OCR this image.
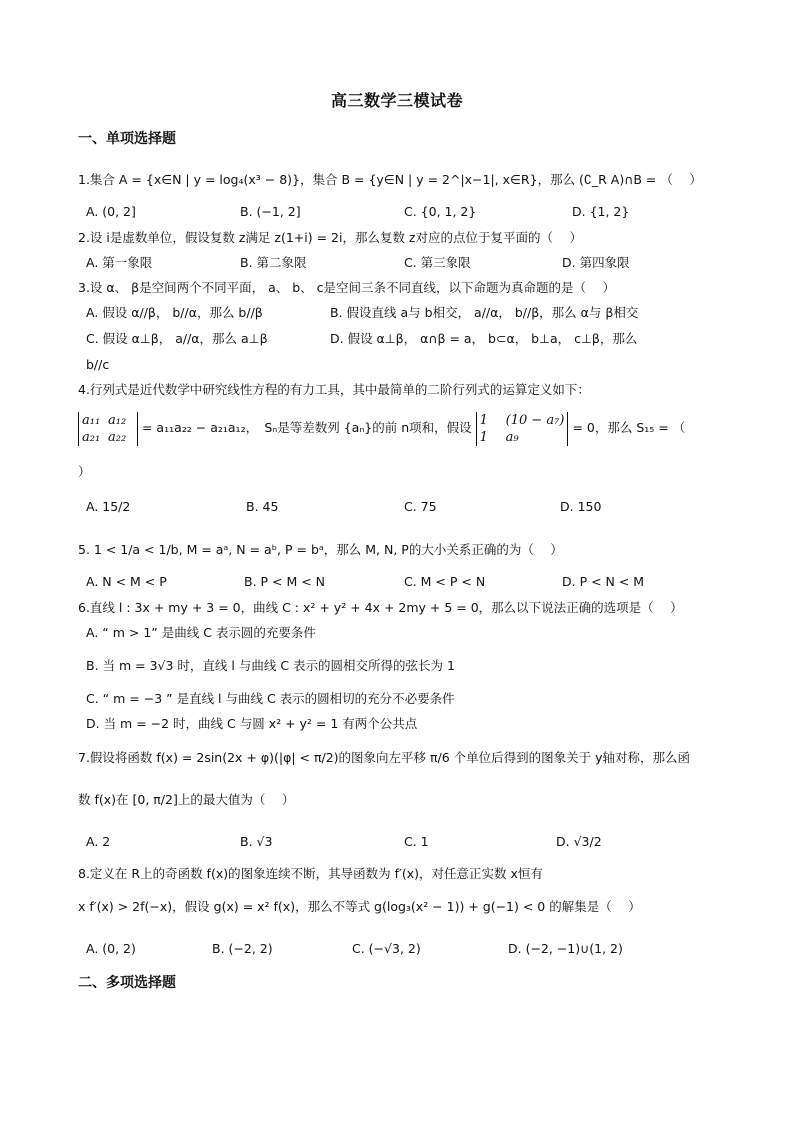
高三数学三模试卷
一、单项选择题
1.集合 A = {x∈N | y = log₄(x³ − 8)}，集合 B = {y∈N | y = 2^|x−1|, x∈R}，那么 (∁_R A)∩B = （　 ）
A. (0, 2]	B. (−1, 2]	C. {0, 1, 2}	D. {1, 2}
2.设 i是虚数单位，假设复数 z满足 z(1+i) = 2i，那么复数 z对应的点位于复平面的（　 ）
A. 第一象限	B. 第二象限	C. 第三象限	D. 第四象限
3.设 α、 β是空间两个不同平面， a、 b、 c是空间三条不同直线，以下命题为真命题的是（　 ）
A. 假设 α//β， b//α，那么 b//β	B. 假设直线 a与 b相交， a//α， b//β，那么 α与 β相交
C. 假设 α⊥β， a//α，那么 a⊥β	D. 假设 α⊥β， α∩β = a， b⊂α， b⊥a， c⊥β，那么
b//c
4.行列式是近代数学中研究线性方程的有力工具，其中最简单的二阶行列式的运算定义如下：
a₁₁ a₁₂
a₂₁ a₂₂
= a₁₁a₂₂ − a₂₁a₁₂，　Sₙ是等差数列 {aₙ}的前 n项和，假设 1 (10 − a₇)
1 a₉
= 0，那么 S₁₅ = （
）
A. 15/2	B. 45	C. 75	D. 150
5. 1 < 1/a < 1/b, M = aᵃ, N = aᵇ, P = bᵃ，那么 M, N, P的大小关系正确的为（　 ）
A. N < M < P	B. P < M < N	C. M < P < N	D. P < N < M
6.直线 l : 3x + my + 3 = 0，曲线 C : x² + y² + 4x + 2my + 5 = 0，那么以下说法正确的选项是（　 ）
A. “ m > 1” 是曲线 C 表示圆的充要条件
B. 当 m = 3√3 时，直线 l 与曲线 C 表示的圆相交所得的弦长为 1
C. “ m = −3 ” 是直线 l 与曲线 C 表示的圆相切的充分不必要条件
D. 当 m = −2 时，曲线 C 与圆 x² + y² = 1 有两个公共点
7.假设将函数 f(x) = 2sin(2x + φ)(|φ| < π/2)的图象向左平移 π/6 个单位后得到的图象关于 y轴对称，那么函
数 f(x)在 [0, π/2]上的最大值为（　 ）
A. 2	B. √3	C. 1	D. √3/2
8.定义在 R上的奇函数 f(x)的图象连续不断，其导函数为 f′(x)，对任意正实数 x恒有
x f′(x) > 2f(−x)，假设 g(x) = x² f(x)，那么不等式 g(log₃(x² − 1)) + g(−1) < 0 的解集是（　 ）
A. (0, 2)	B. (−2, 2)	C. (−√3, 2)	D. (−2, −1)∪(1, 2)
二、多项选择题
